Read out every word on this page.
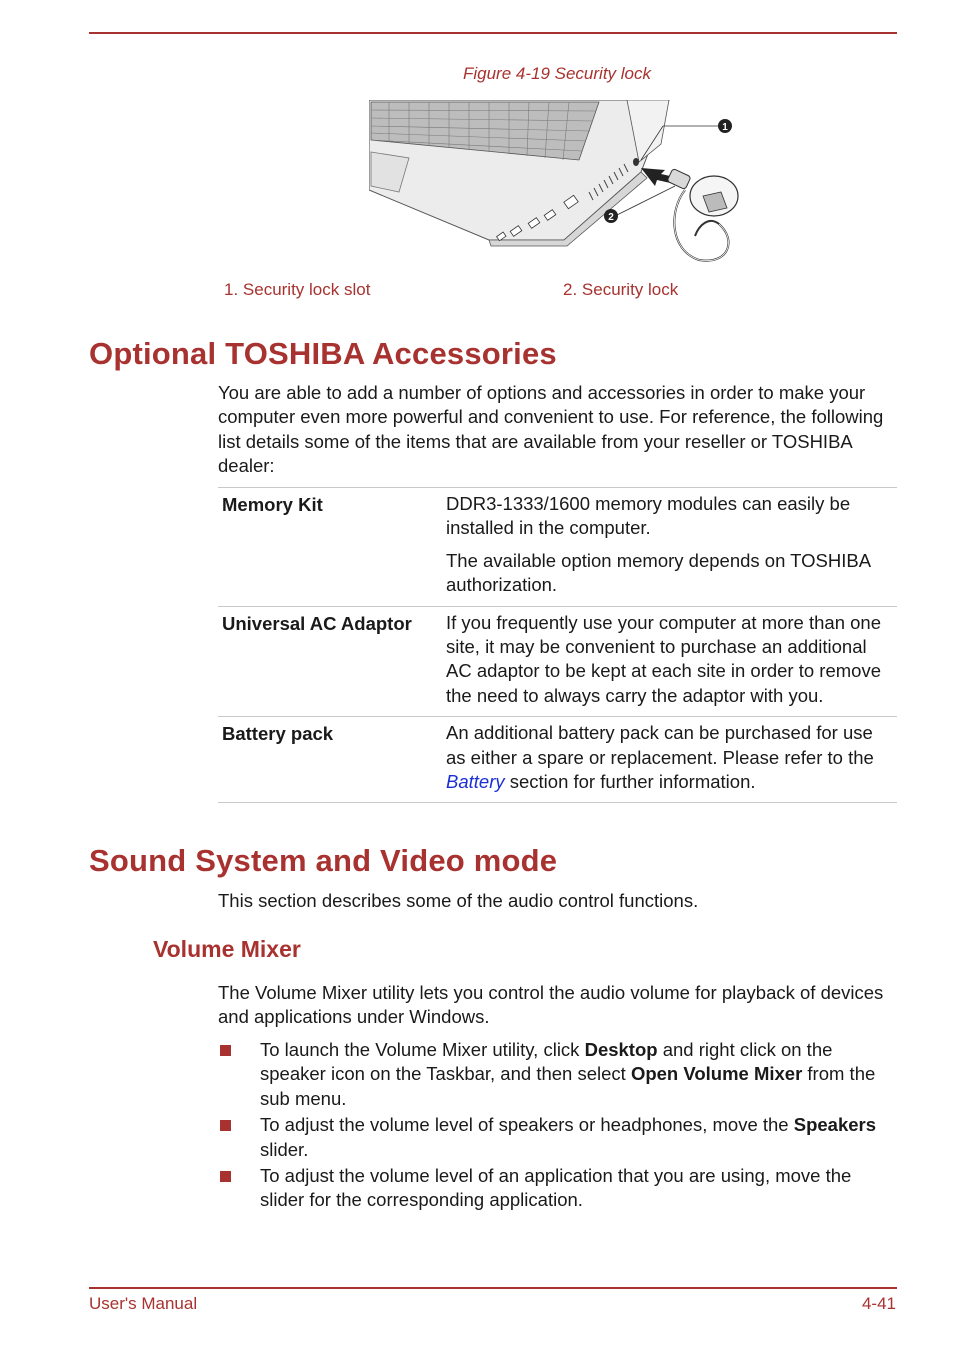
Figure 4-19 Security lock
1
2
1. Security lock slot	2. Security lock
Optional TOSHIBA Accessories
You are able to add a number of options and accessories in order to make your computer even more powerful and convenient to use. For reference, the following list details some of the items that are available from your reseller or TOSHIBA dealer:
Memory Kit	DDR3-1333/1600 memory modules can easily be installed in the computer.

The available option memory depends on TOSHIBA authorization.

Universal AC Adaptor	If you frequently use your computer at more than one site, it may be convenient to purchase an additional AC adaptor to be kept at each site in order to remove the need to always carry the adaptor with you.

Battery pack	An additional battery pack can be purchased for use as either a spare or replacement. Please refer to the Battery section for further information.

Sound System and Video mode
This section describes some of the audio control functions.
Volume Mixer
The Volume Mixer utility lets you control the audio volume for playback of devices and applications under Windows.
To launch the Volume Mixer utility, click Desktop and right click on the speaker icon on the Taskbar, and then select Open Volume Mixer from the sub menu.
To adjust the volume level of speakers or headphones, move the Speakers slider.
To adjust the volume level of an application that you are using, move the slider for the corresponding application.
User's Manual	4-41
